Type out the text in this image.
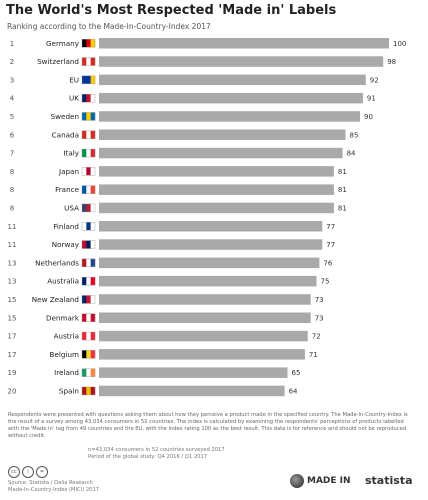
The World's Most Respected 'Made in' Labels
Ranking according to the Made-In-Country-Index 2017
1	Germany	100
2	Switzerland	98
3	EU	92
4	UK	91
5	Sweden	90
6	Canada	85
7	Italy	84
8	Japan	81
8	France	81
8	USA	81
11	Finland	77
11	Norway	77
13	Netherlands	76
13	Australia	75
15 New Zealand	73
15	Denmark	73
17	Austria	72
17	Belgium	71
19	Ireland	65
20	Spain	64
Respondents were presented with questions asking them about how they perceive a product made in the specified country. The Made-In-Country-Index is the result of a survey among 43,034 consumers in 52 countries. The index is calculated by examining the respondents' perceptions of products labelled with the 'Made in' tag from 49 countries and the EU, with the index rating 100 as the best result. This data is for reference and should not be reproduced without credit.
n=43,034 consumers in 52 countries surveyed 2017
Period of the global study: Q4 2016 / Q1 2017
cc	i	=
Source: Statista / Dalia Research
Made-In-Country-Index (MICI) 2017
MADE IN statista
